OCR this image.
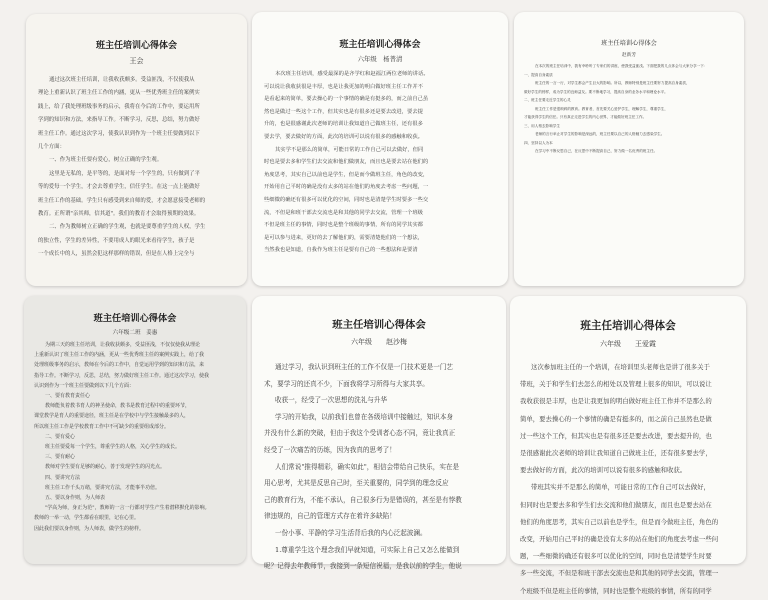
班主任培训心得体会
王会

通过这次班主任培训，让我收获颇多。受益匪浅，不仅使我从

理论上重新认识了班主任工作的内涵，更从一些优秀班主任的案例实

践上，给了我处理班级事务的启示，我将在今后的工作中，要运用所

学到的知识和方法，来指导工作。不断学习，反思，总结，努力做好

班主任工作。通过这次学习，使我认识到作为一个班主任要做到以下

几个方面：

一、作为班主任要有爱心，树立正确的学生观。

这里是无私的，是平等的，是面对每一个学生的，只有做到了平

等的爱每一个学生，才会去尊重学生，信任学生。在这一点上能做好

班主任工作的基础。学生只有感受到来自师的爱，才会愿意接受老师的

教育。正所谓"亲其师，信其道"。我们的教育才会取得预期的效果。

二、作为教师树立正确的学生观，也就是要尊重学生的人权，学生

的独立性，学生的差异性，不要用成人的眼光来看待学生，孩子是

一个成长中的人，虽然会犯这样那样的错误，但是在人格上完全与

班主任培训心得体会
六年级　杨普清

本次班主任培训，感受最深的是齐学红和赵福江两位老师的讲话。

可以说让我收获很是丰厚，也是让我更加的明白做好班主任工作并不

是看起来的简单，要去操心的一个事情的确是有挺多的，而之前自己虽

然也是做过一些这个工作，但其实也是有很多还是要去改进，要去提

升的，也是很感谢此次老师的培训让我知道自己做班主任，还有很多

要去学，要去做好的方面，此次的培训可以说有很多的感触和收获。

其实学不是那么的简单，可能日常的工作自己可以去做好，但同

时也是要去多和学生们去交流和他们做朋友，而且也是要去站在他们的

角度思考，其实自己以前也是学生，但是而今做班主任，角色的改变，

开始用自己平时的确是没有太多的站在他们的角度去考虑一些问题，一

些细微的确还有很多可以优化的空间，同时也是清楚学生时要多一些交

流，不但是和班干部去交流也是和其他的同学去交流，管理一个班级

不但是班主任的事情，同时也是整个班级的事情，所有的同学其实都

是可以参与进来，更好的去了解他们的，需要清楚他们的一个想法，

当然我也是知道，自我作为班主任是要有自己的一些想法和是要清

班主任培训心得体会
赵新芳

在本次的班主任培训中，我有幸聆听了专家们的讲座，使我受益匪浅。下面把我的几点体会与大家分享一下：

一、提高自身素质

班主任的一言一行，对学生都会产生巨大的影响。所以，教师特别是班主任要努力提高自身素质，

做好学生的榜样，成为学生的良师益友。要不断地学习，提高自身的业务水平和理论水平。

二、班主任要走近学生的心灵

班主任工作是很琐碎的教育。教育者，首先要关心爱护学生，理解学生，尊重学生，

才能获得学生的信任。只有真正走进学生的内心世界，才能做好班主任工作。

三、用人格去影响学生

老师的言行举止对学生的影响是深远的，班主任要以自己的人格魅力去感染学生。

四、坚持以人为本

在学习中不断反思自己，在反思中不断提高自己，努力做一名优秀的班主任。

班主任培训心得体会
六年级二班　姜惠

为期三天的班主任培训，让我收获颇多，受益匪浅，不仅仅使我从理论

上重新认识了班主任工作的内涵，更从一些优秀班主任的案例实践上，给了我

处理班级事务的启示，教师在今后的工作中，自觉运用学到的知识和方法，来

指导工作。不断学习，反思，总结，努力做好班主任工作。通过这次学习，使我

认识到作为一个班主任要做到以下几个方面：

一、要有教育责任心

教师能负着教书育人的神圣使命，教书是教育过程中的重要环节，

课堂教学是育人的重要途径，班主任是在学校中与学生接触最多的人，

所以班主任工作是学校教育工作中不可缺少的重要组成部分。

二、要有爱心

班主任要爱每一个学生，尊重学生的人格，关心学生的成长。

三、要有耐心

教师对学生要有足够的耐心，善于发现学生的闪光点。

四、要讲究方法

班主任工作千头万绪，要讲究方法，才能事半功倍。

五、要以身作则，为人师表

"学高为师，身正为范"，教师的一言一行都对学生产生着潜移默化的影响。

教师的一举一动，学生都看在眼里，记在心里。

因此我们要以身作则，为人师表，做学生的榜样。

班主任培训心得体会
六年级　　赵沙梅

通过学习，我认识到班主任的工作不仅是一门技术更是一门艺

术，要学习的还真不少，下面我将学习所得与大家共享。

收获一，经受了一次思想的洗礼与升华

学习的开始我，以前我们也曾在各级培训中接触过，知识本身

并没有什么新的突破，但由于我这个受训者心态不同，竟让我真正

经受了一次痛苦的历练，因为我真的思考了！

人们常说"推得精彩，确实如此"，相信会带给自己快乐，实在是

用心思考，尤其是反思自己时，至关重要的，同学到的理念反应

己的教育行为，不能不承认，自己很多行为是错误的，甚至是有悖教

律违规的，自己的管理方式存在着许多缺陷！

一份小事、平静的学习生活背后我的内心泛起波澜。

1.尊重学生这个理念我们早就知道，可实际上自己又怎么能做到

呢？记得去年教师节，我接到一条短信祝福，是我以前的学生，他说

班主任培训心得体会
六年级　　王爱霞

这次参加班主任的一个培训，在培训里头老师也是讲了很多关于

带班，关于和学生们去怎么的相处以及管理上很多的知识，可以说让

我收获很是丰厚，也是让我更加的明白做好班主任工作并不是那么的

简单，要去操心的一个事情的确是有挺多的，而之前自己虽然也是做

过一些这个工作，但其实也是有很多还是要去改进，要去提升的，也

是很感谢此次老师的培训让我知道自己做班主任，还有很多要去学，

要去做好的方面，此次的培训可以说有很多的感触和收获。

带班其实并不是那么的简单，可能日常的工作自己可以去做好，

但同时也是要去多和学生们去交流和他们做朋友，而且也是要去站在

他们的角度思考，其实自己以前也是学生，但是而今做班主任，角色的

改变，开始用自己平时的确是没有太多的站在他们的角度去考虑一些问

题，一些细微的确还有很多可以优化的空间，同时也是清楚学生时要

多一些交流，不但是和班干部去交流也是和其他的同学去交流，管理一

个班级不但是班主任的事情，同时也是整个班级的事情，所有的同学
